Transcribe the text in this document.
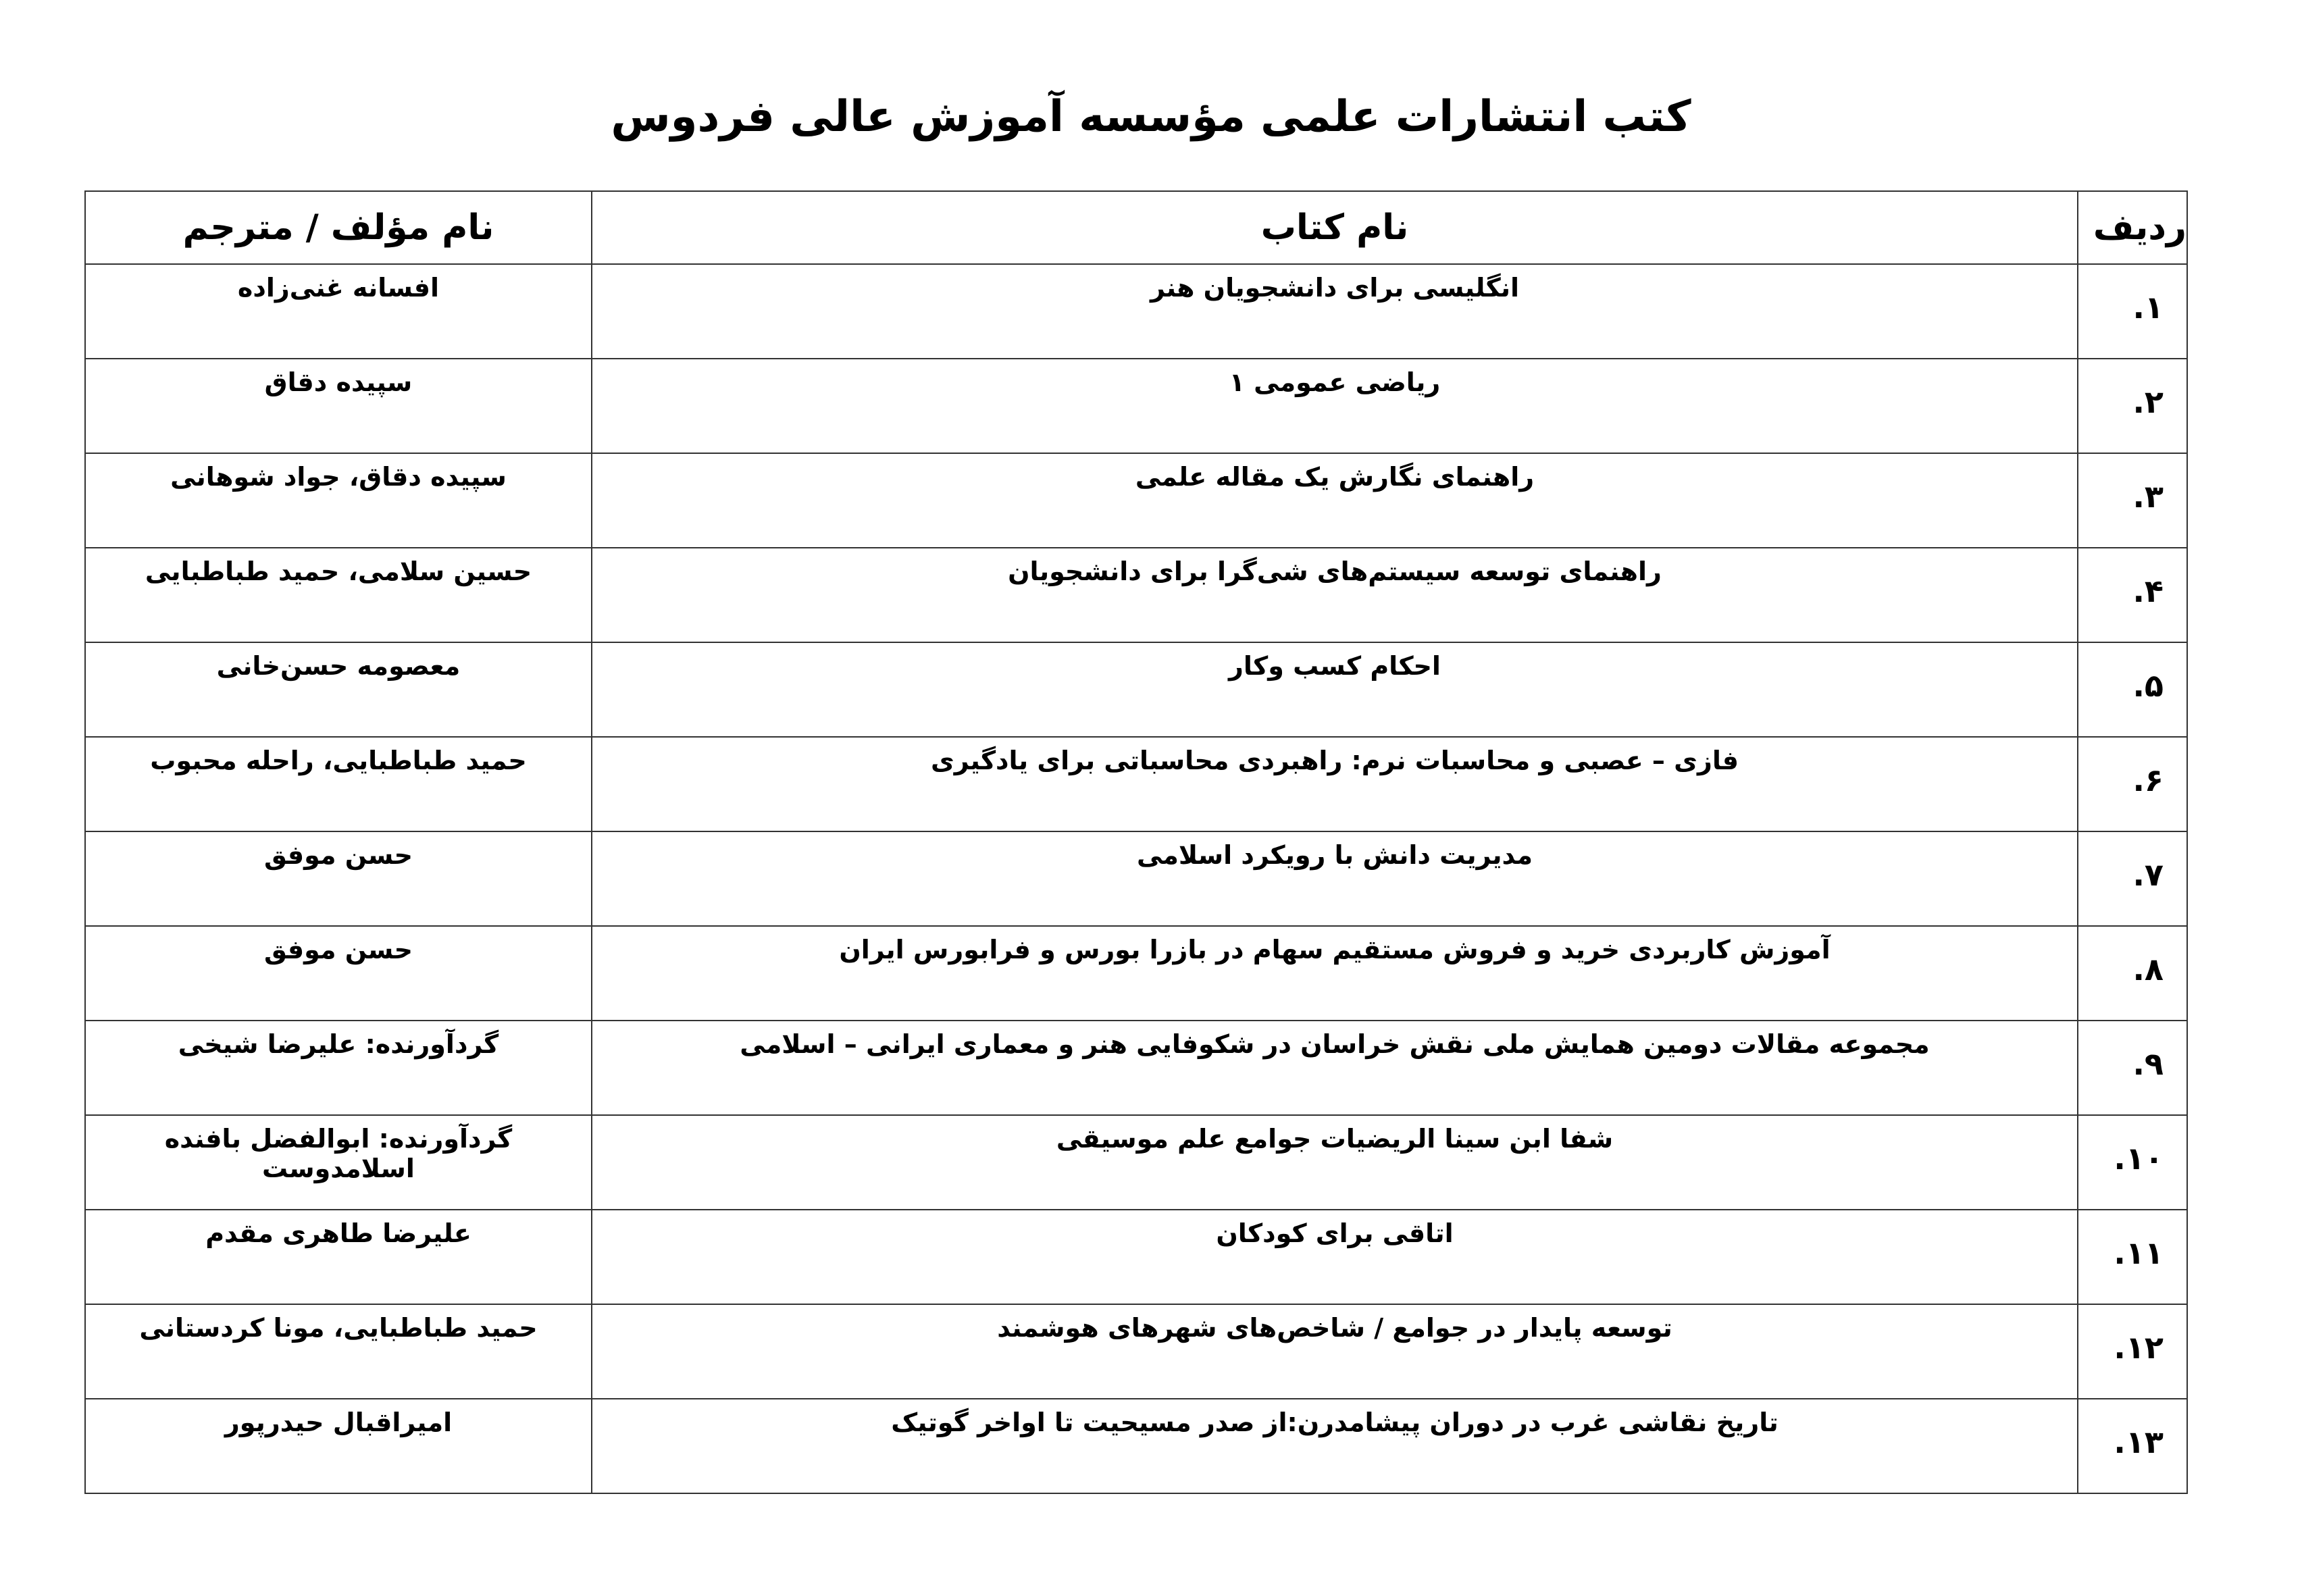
کتب انتشارات علمی مؤسسه آموزش عالی فردوس
ردیف	نام کتاب	نام مؤلف / مترجم
۱.	انگلیسی برای دانشجویان هنر	افسانه غنی‌زاده
۲.	ریاضی عمومی ۱	سپیده دقاق
۳.	راهنمای نگارش یک مقاله علمی	سپیده دقاق، جواد شوهانی
۴.	راهنمای توسعه سیستم‌های شی‌گرا برای دانشجویان	حسین سلامی، حمید طباطبایی
۵.	احکام کسب وکار	معصومه حسن‌خانی
۶.	فازی – عصبی و محاسبات نرم: راهبردی محاسباتی برای یادگیری	حمید طباطبایی، راحله محبوب
۷.	مدیریت دانش با رویکرد اسلامی	حسن موفق
۸.	آموزش کاربردی خرید و فروش مستقیم سهام در بازرا بورس و فرابورس ایران	حسن موفق
۹.	مجموعه مقالات دومین همایش ملی نقش خراسان در شکوفایی هنر و معماری ایرانی – اسلامی	گردآورنده: علیرضا شیخی
۱۰.	شفا ابن سینا الریضیات جوامع علم موسیقی	گردآورنده: ابوالفضل بافنده اسلامدوست
۱۱.	اتاقی برای کودکان	علیرضا طاهری مقدم
۱۲.	توسعه پایدار در جوامع / شاخص‌های شهرهای هوشمند	حمید طباطبایی، مونا کردستانی
۱۳.	تاریخ نقاشی غرب در دوران پیشامدرن:از صدر مسیحیت تا اواخر گوتیک	امیراقبال حیدرپور
